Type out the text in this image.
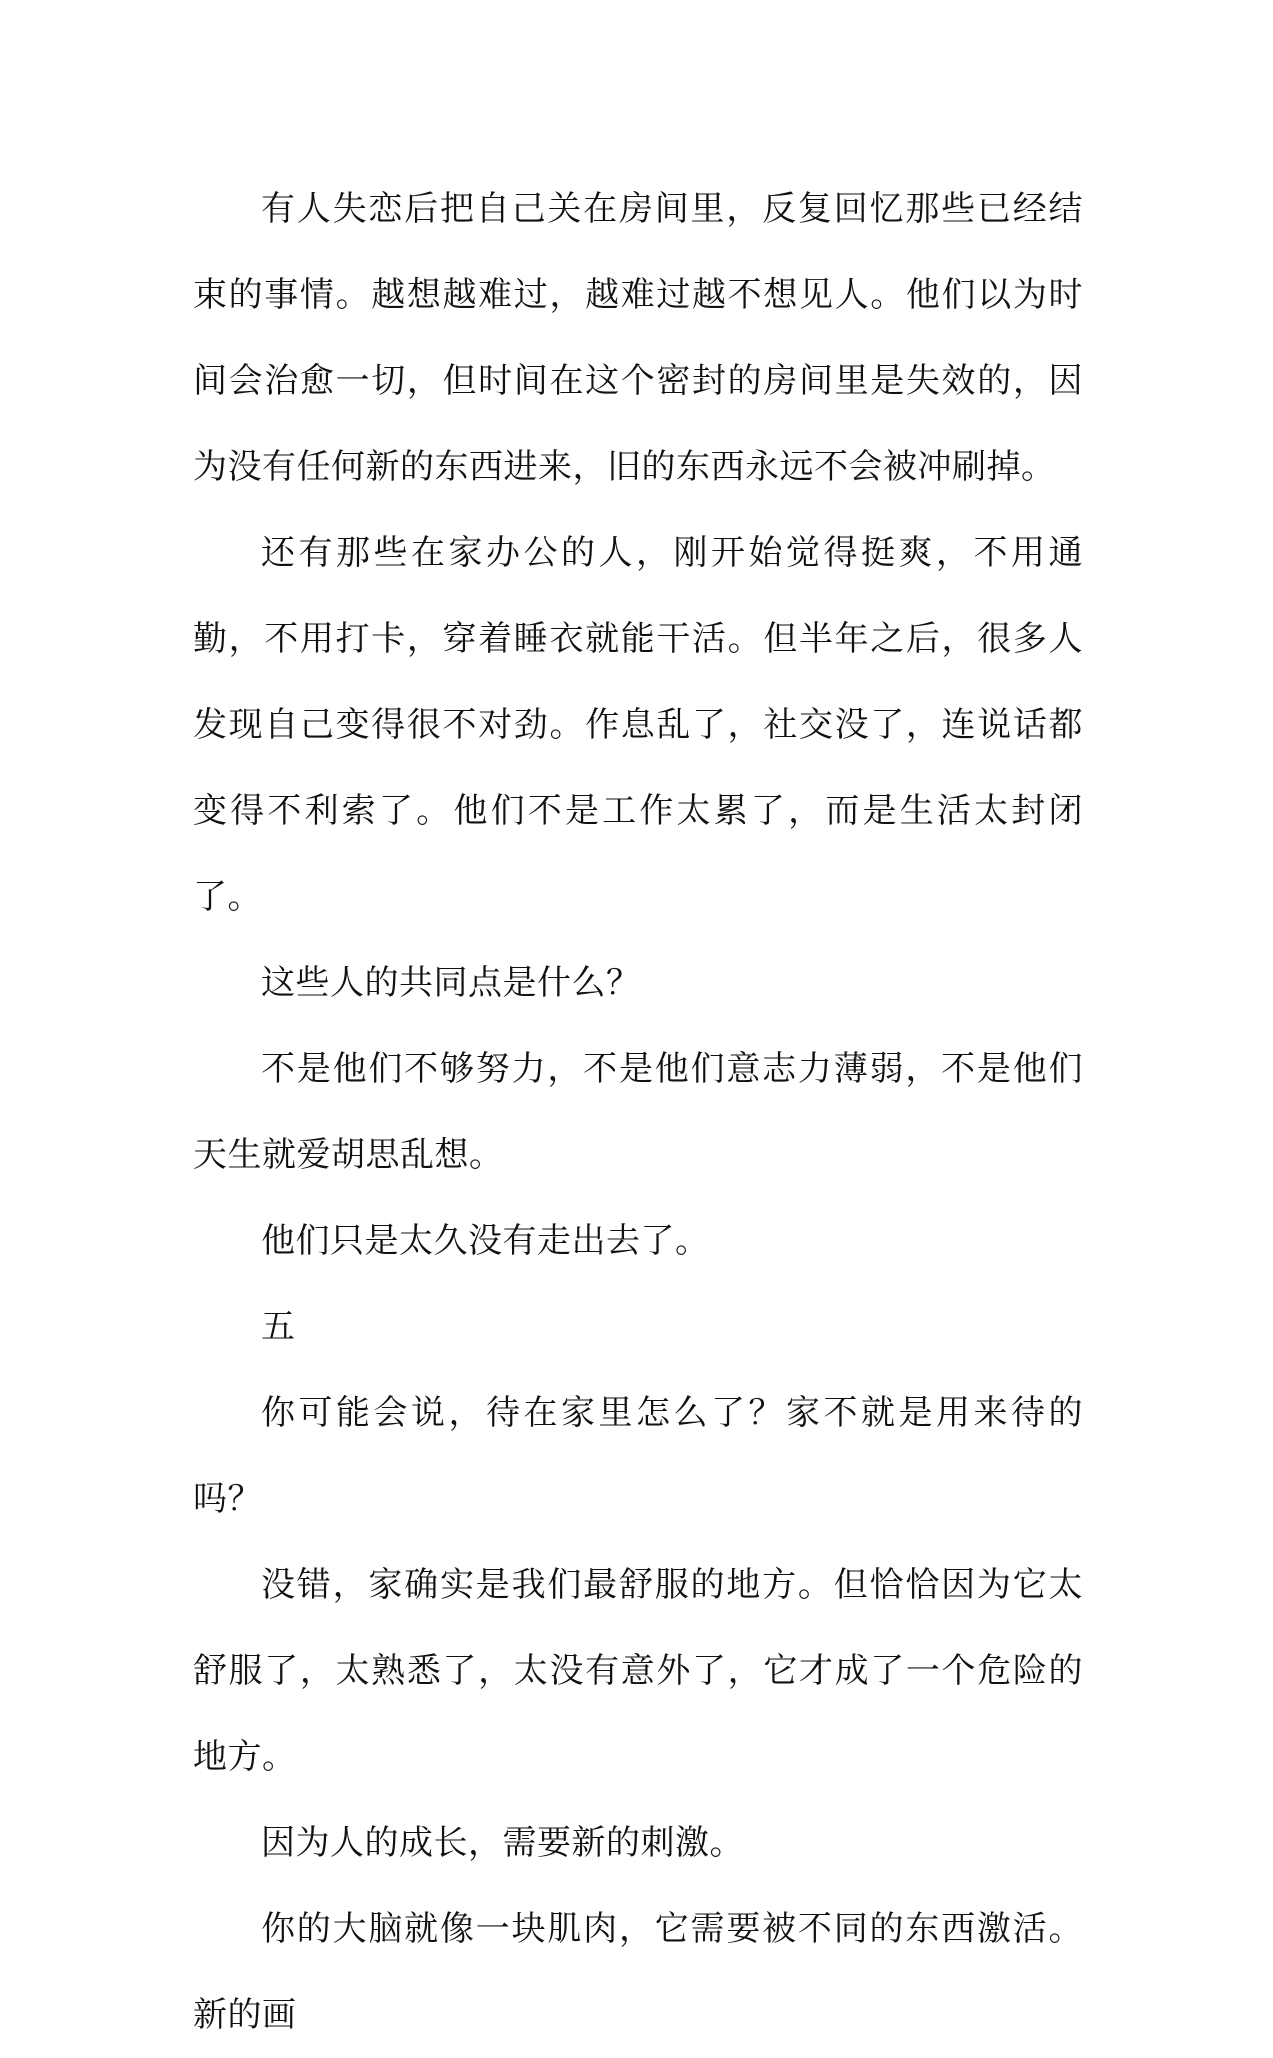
有人失恋后把自己关在房间里，反复回忆那些已经结束的事情。越想越难过，越难过越不想见人。他们以为时间会治愈一切，但时间在这个密封的房间里是失效的，因为没有任何新的东西进来，旧的东西永远不会被冲刷掉。

还有那些在家办公的人，刚开始觉得挺爽，不用通勤，不用打卡，穿着睡衣就能干活。但半年之后，很多人发现自己变得很不对劲。作息乱了，社交没了，连说话都变得不利索了。他们不是工作太累了，而是生活太封闭了。

这些人的共同点是什么？

不是他们不够努力，不是他们意志力薄弱，不是他们天生就爱胡思乱想。

他们只是太久没有走出去了。

五

你可能会说，待在家里怎么了？家不就是用来待的吗？

没错，家确实是我们最舒服的地方。但恰恰因为它太舒服了，太熟悉了，太没有意外了，它才成了一个危险的地方。

因为人的成长，需要新的刺激。

你的大脑就像一块肌肉，它需要被不同的东西激活。新的画
